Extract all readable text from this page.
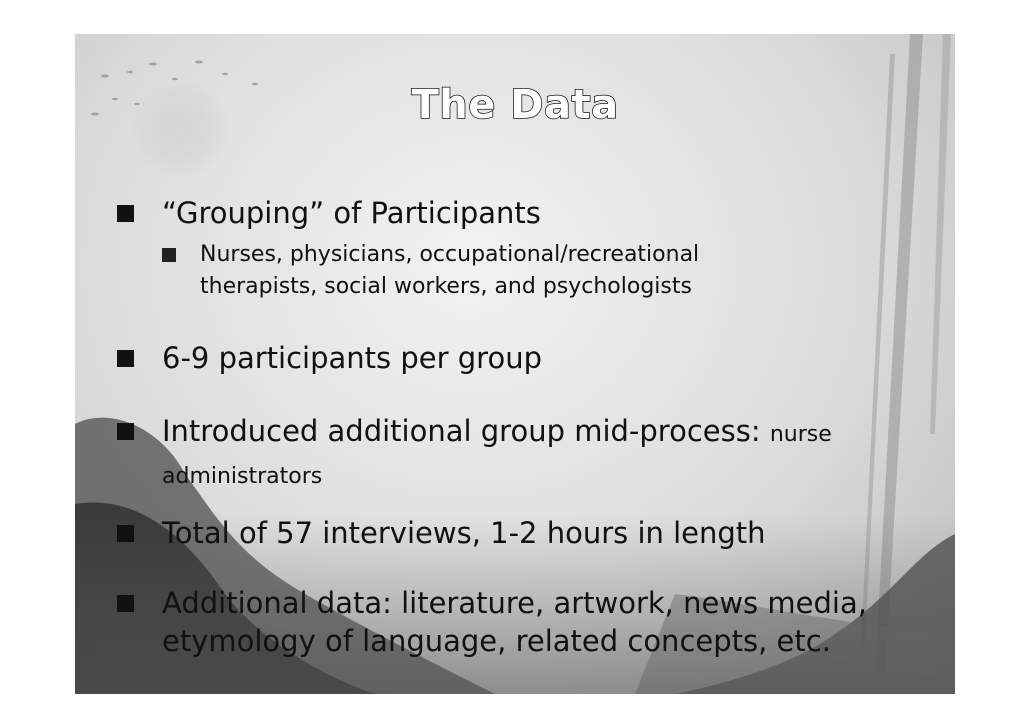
The Data
“Grouping” of Participants
Nurses, physicians, occupational/recreational therapists, social workers, and psychologists
6-9 participants per group
Introduced additional group mid-process: nurse administrators
Total of 57 interviews, 1-2 hours in length
Additional data: literature, artwork, news media, etymology of language, related concepts, etc.
